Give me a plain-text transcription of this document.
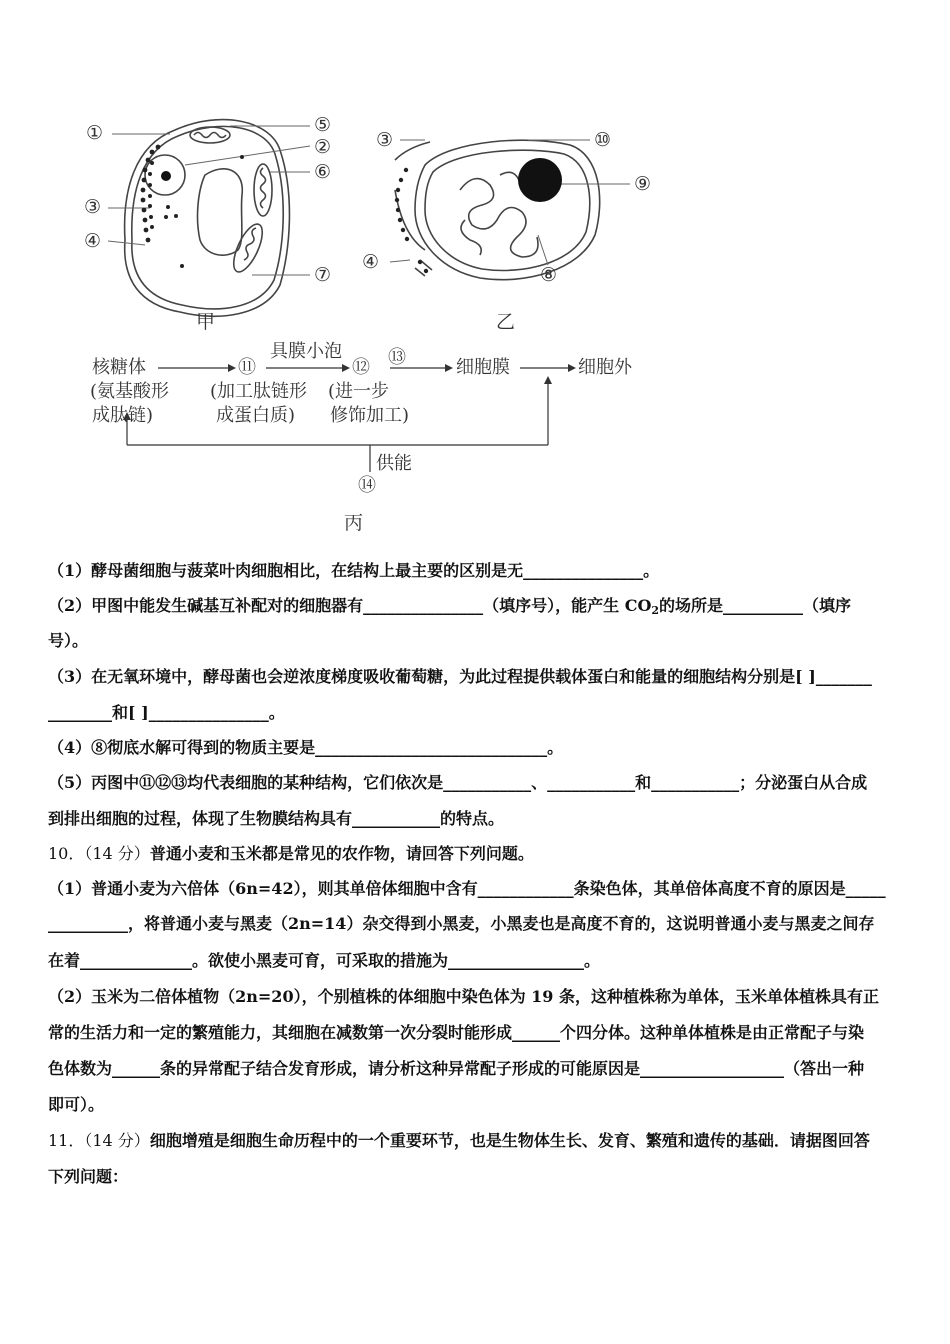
①	⑤
②
⑥
③
④
⑦
③	⑩
⑨
④
⑧
甲	乙
核糖体
(氨基酸形
成肽链)
⑪
(加工肽链形
成蛋白质)
具膜小泡
⑫ ⑬
(进一步
修饰加工)
细胞膜	细胞外
供能
⑭
丙
（1）酵母菌细胞与菠菜叶肉细胞相比，在结构上最主要的区别是无_______________。
（2）甲图中能发生碱基互补配对的细胞器有_______________（填序号），能产生 $CO_2$的场所是__________（填序
号）。
（3）在无氧环境中，酵母菌也会逆浓度梯度吸收葡萄糖，为此过程提供载体蛋白和能量的细胞结构分别是[ ]_______
________和[ ]_______________。
（4）⑧彻底水解可得到的物质主要是_____________________________。
（5）丙图中⑪⑫⑬均代表细胞的某种结构，它们依次是___________、___________和___________；分泌蛋白从合成
到排出细胞的过程，体现了生物膜结构具有___________的特点。
10．（14 分）普通小麦和玉米都是常见的农作物，请回答下列问题。
（1）普通小麦为六倍体（6n=42），则其单倍体细胞中含有____________条染色体，其单倍体高度不育的原因是_____
__________，将普通小麦与黑麦（2n=14）杂交得到小黑麦，小黑麦也是高度不育的，这说明普通小麦与黑麦之间存
在着______________。欲使小黑麦可育，可采取的措施为_________________。
（2）玉米为二倍体植物（2n=20），个别植株的体细胞中染色体为 19 条，这种植株称为单体，玉米单体植株具有正
常的生活力和一定的繁殖能力，其细胞在减数第一次分裂时能形成______个四分体。这种单体植株是由正常配子与染
色体数为______条的异常配子结合发育形成，请分析这种异常配子形成的可能原因是__________________（答出一种
即可）。
11．（14 分）细胞增殖是细胞生命历程中的一个重要环节，也是生物体生长、发育、繁殖和遗传的基础．请据图回答
下列问题：
